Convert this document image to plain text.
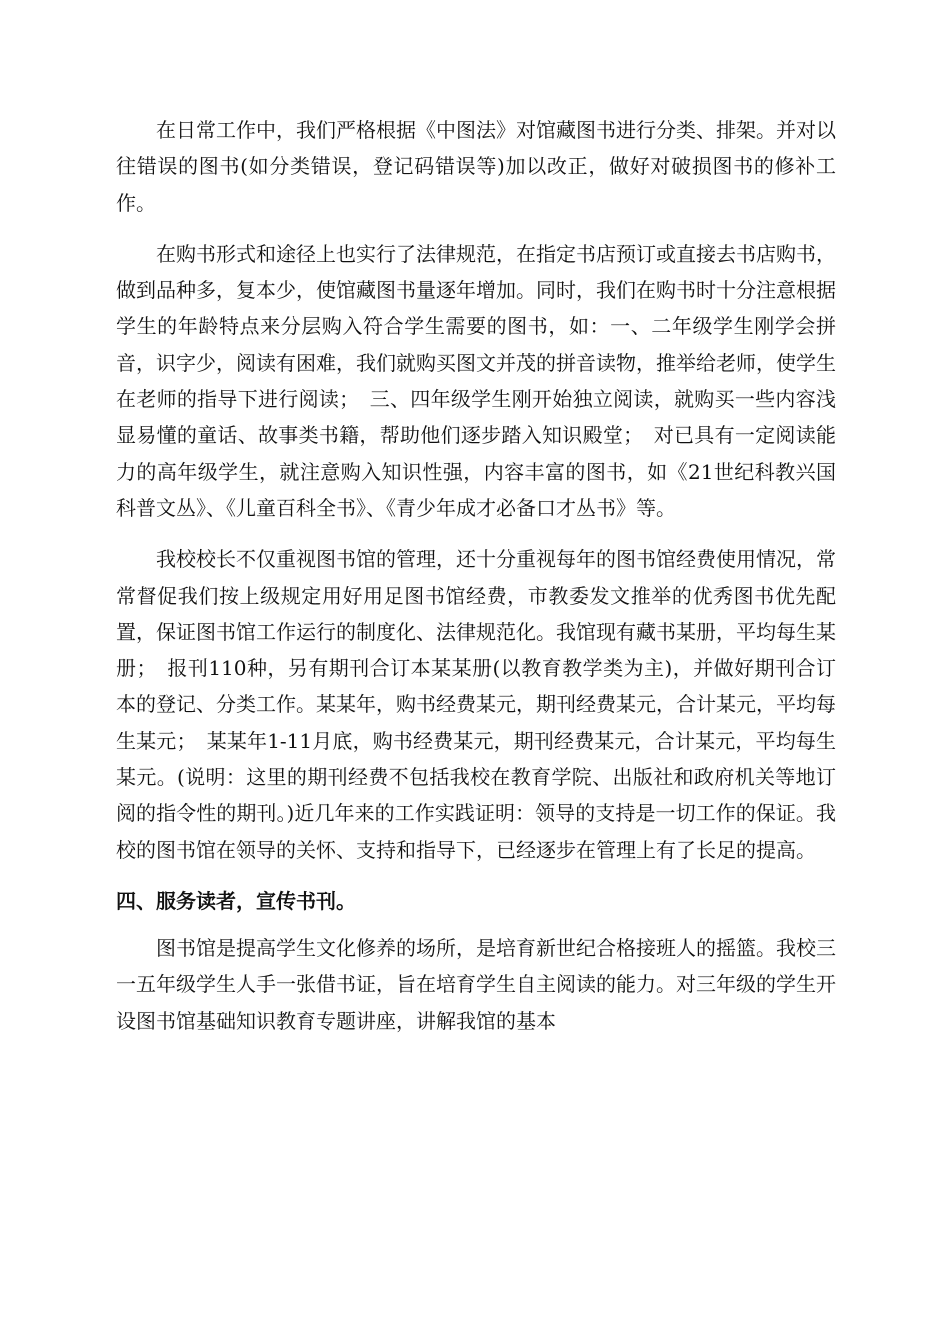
在日常工作中，我们严格根据《中图法》对馆藏图书进行分类、排架。并对以往错误的图书(如分类错误，登记码错误等)加以改正，做好对破损图书的修补工作。

在购书形式和途径上也实行了法律规范，在指定书店预订或直接去书店购书，做到品种多，复本少，使馆藏图书量逐年增加。同时，我们在购书时十分注意根据学生的年龄特点来分层购入符合学生需要的图书，如：一、二年级学生刚学会拼音，识字少，阅读有困难，我们就购买图文并茂的拼音读物，推举给老师，使学生在老师的指导下进行阅读；　三、四年级学生刚开始独立阅读，就购买一些内容浅显易懂的童话、故事类书籍，帮助他们逐步踏入知识殿堂；　对已具有一定阅读能力的高年级学生，就注意购入知识性强，内容丰富的图书，如《21世纪科教兴国科普文丛》、《儿童百科全书》、《青少年成才必备口才丛书》等。

我校校长不仅重视图书馆的管理，还十分重视每年的图书馆经费使用情况，常常督促我们按上级规定用好用足图书馆经费，市教委发文推举的优秀图书优先配置，保证图书馆工作运行的制度化、法律规范化。我馆现有藏书某册，平均每生某册；　报刊110种，另有期刊合订本某某册(以教育教学类为主)，并做好期刊合订本的登记、分类工作。某某年，购书经费某元，期刊经费某元，合计某元，平均每生某元；　某某年1-11月底，购书经费某元，期刊经费某元，合计某元，平均每生某元。(说明：这里的期刊经费不包括我校在教育学院、出版社和政府机关等地订阅的指令性的期刊。)近几年来的工作实践证明：领导的支持是一切工作的保证。我校的图书馆在领导的关怀、支持和指导下，已经逐步在管理上有了长足的提高。

四、服务读者，宣传书刊。

图书馆是提高学生文化修养的场所，是培育新世纪合格接班人的摇篮。我校三一五年级学生人手一张借书证，旨在培育学生自主阅读的能力。对三年级的学生开设图书馆基础知识教育专题讲座，讲解我馆的基本
